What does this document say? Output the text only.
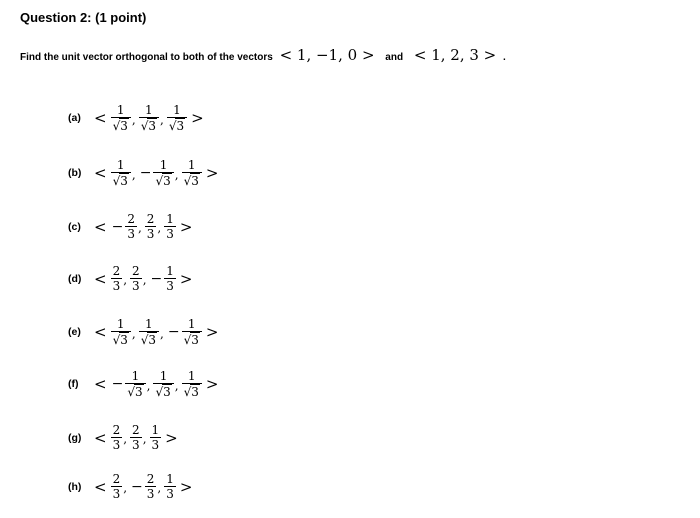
Question 2: (1 point)
Find the unit vector orthogonal to both of the vectors < 1, −1, 0 > and < 1, 2, 3 > .
$(a) < \frac{1}{√3}$ , $\frac{1}{√3}$ , $\frac{1}{√3}$ >
$(b) < \frac{1}{√3}$ , − $\frac{1}{√3}$ , $\frac{1}{√3}$ >
(c) < − $\frac{2}{3}$ , $\frac{2}{3}$ , $\frac{1}{3}$ >
$(d) < \frac{2}{3}$ , $\frac{2}{3}$ , − $\frac{1}{3}$ >
$(e) < \frac{1}{√3}$ , $\frac{1}{√3}$ , − $\frac{1}{√3}$ >
(f)	< − $\frac{1}{√3}$ , $\frac{1}{√3}$ , $\frac{1}{√3}$ >
$(g) < \frac{2}{3}$ , $\frac{2}{3}$ , $\frac{1}{3}$ >
$(h) < \frac{2}{3}$ , − $\frac{2}{3}$ , $\frac{1}{3}$ >
